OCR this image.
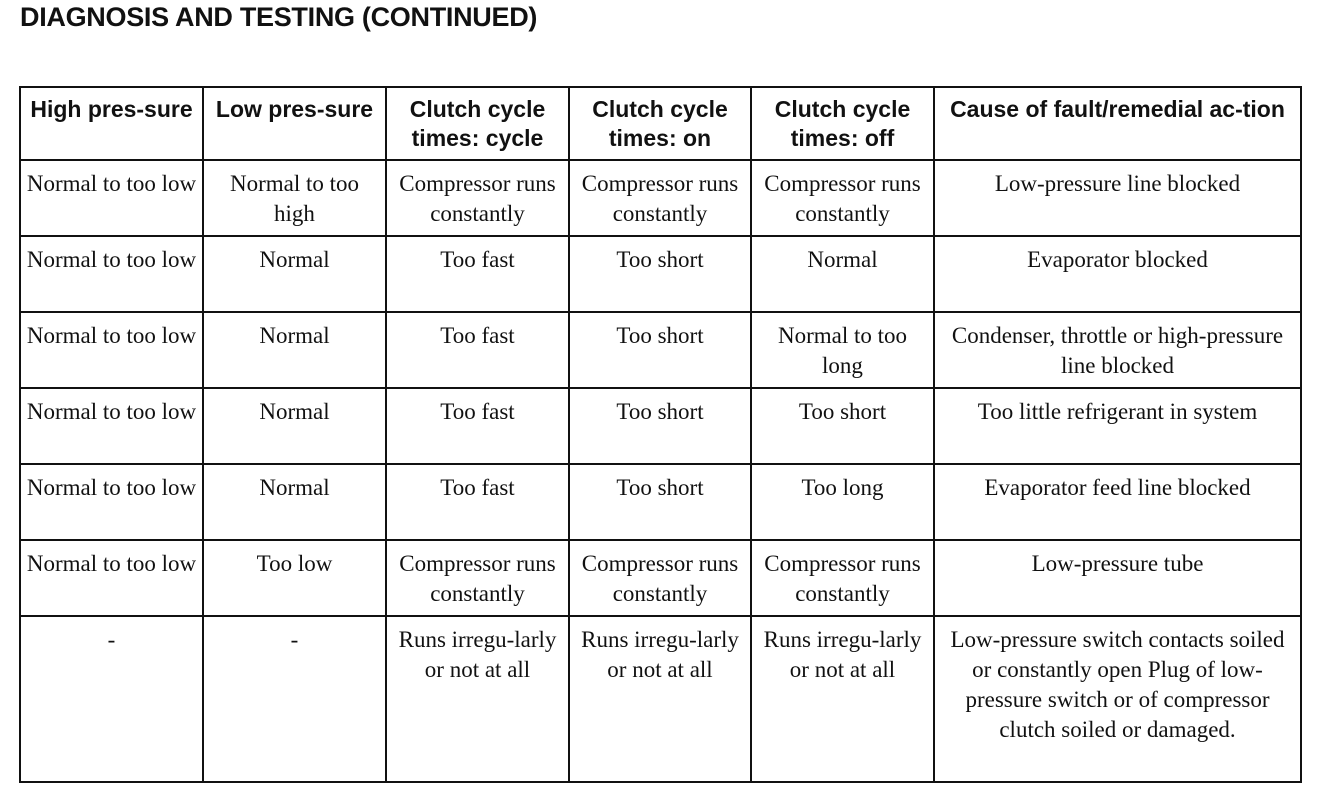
DIAGNOSIS AND TESTING (CONTINUED)
High pres-sure	Low pres-sure	Clutch cycle times: cycle	Clutch cycle times: on	Clutch cycle times: off	Cause of fault/remedial ac-tion
Normal to too low	Normal to too high	Compressor runs constantly	Compressor runs constantly	Compressor runs constantly	Low-pressure line blocked
Normal to too low	Normal	Too fast	Too short	Normal	Evaporator blocked
Normal to too low	Normal	Too fast	Too short	Normal to too long	Condenser, throttle or high-pressure line blocked
Normal to too low	Normal	Too fast	Too short	Too short	Too little refrigerant in system
Normal to too low	Normal	Too fast	Too short	Too long	Evaporator feed line blocked
Normal to too low	Too low	Compressor runs constantly	Compressor runs constantly	Compressor runs constantly	Low-pressure tube
-	-	Runs irregu-larly or not at all	Runs irregu-larly or not at all	Runs irregu-larly or not at all	Low-pressure switch contacts soiled or constantly open Plug of low-pressure switch or of compressor clutch soiled or damaged.
